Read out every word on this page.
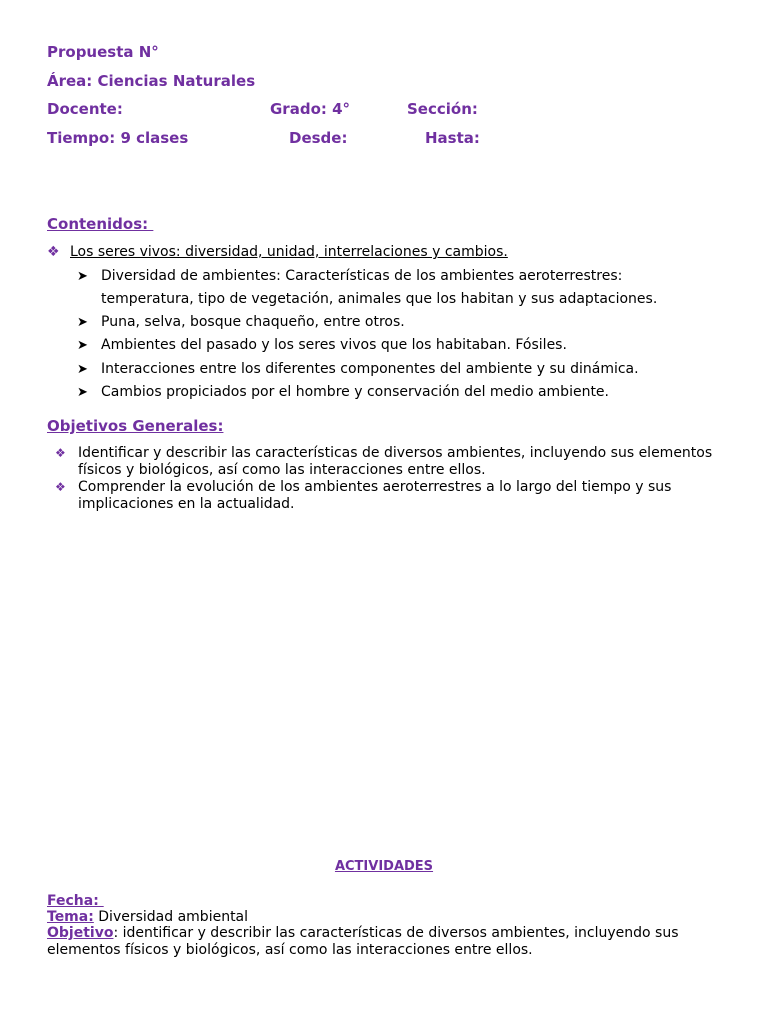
Propuesta N°
Área: Ciencias Naturales
Docente:	Grado: 4°	Sección:
Tiempo: 9 clases	Desde:	Hasta:
Contenidos:
❖ Los seres vivos: diversidad, unidad, interrelaciones y cambios.
➤ Diversidad de ambientes: Características de los ambientes aeroterrestres: temperatura, tipo de vegetación, animales que los habitan y sus adaptaciones.
➤ Puna, selva, bosque chaqueño, entre otros.
➤ Ambientes del pasado y los seres vivos que los habitaban. Fósiles.
➤ Interacciones entre los diferentes componentes del ambiente y su dinámica.
➤ Cambios propiciados por el hombre y conservación del medio ambiente.
Objetivos Generales:
❖ Identificar y describir las características de diversos ambientes, incluyendo sus elementos físicos y biológicos, así como las interacciones entre ellos.
❖ Comprender la evolución de los ambientes aeroterrestres a lo largo del tiempo y sus implicaciones en la actualidad.
ACTIVIDADES
Fecha:
Tema: Diversidad ambiental
Objetivo: identificar y describir las características de diversos ambientes, incluyendo sus elementos físicos y biológicos, así como las interacciones entre ellos.
